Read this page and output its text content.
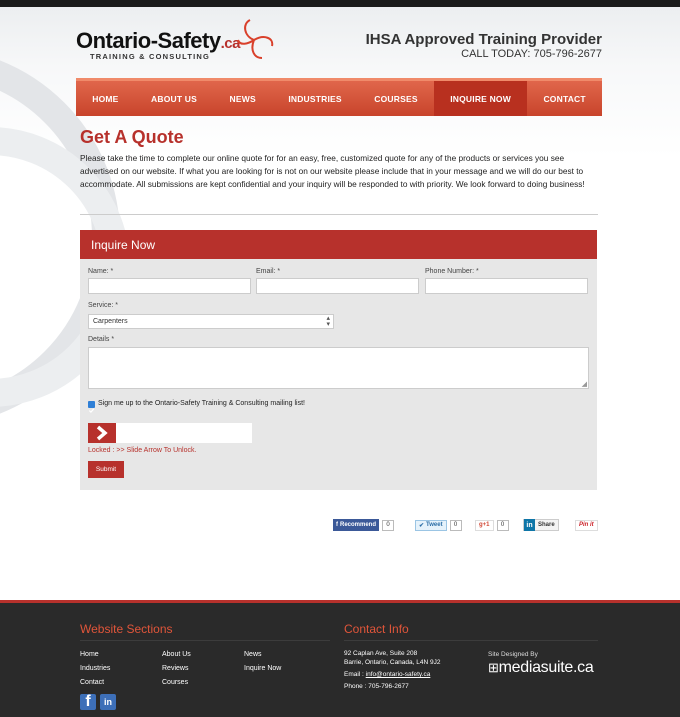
Ontario-Safety.ca
TRAINING & CONSULTING
IHSA Approved Training Provider
CALL TODAY: 705-796-2677
HOME	ABOUT US	NEWS	INDUSTRIES	COURSES	INQUIRE NOW	CONTACT
Get A Quote
Please take the time to complete our online quote for for an easy, free, customized quote for any of the products or services you see advertised on our website. If what you are looking for is not on our website please include that in your message and we will do our best to accommodate. All submissions are kept confidential and your inquiry will be responded to with priority. We look forward to doing business!
Inquire Now
Name: *	Email: *	Phone Number: *
Service: *
Carpenters	▴
▾
Details *
◢
Sign me up to the Ontario-Safety Training & Consulting mailing list!
Locked : >> Slide Arrow To Unlock.
Submit
f Recommend	0	✔ Tweet	0	g +1	0	in Share	Pin it
Website Sections	Contact Info
Home	About Us	News
Industries	Reviews	Inquire Now
Contact	Courses
f	in
92 Caplan Ave, Suite 208
Barrie, Ontario, Canada, L4N 9J2
Email : info@ontario-safety.ca
Phone : 705-796-2677
Site Designed By
⊞mediasuite.ca
